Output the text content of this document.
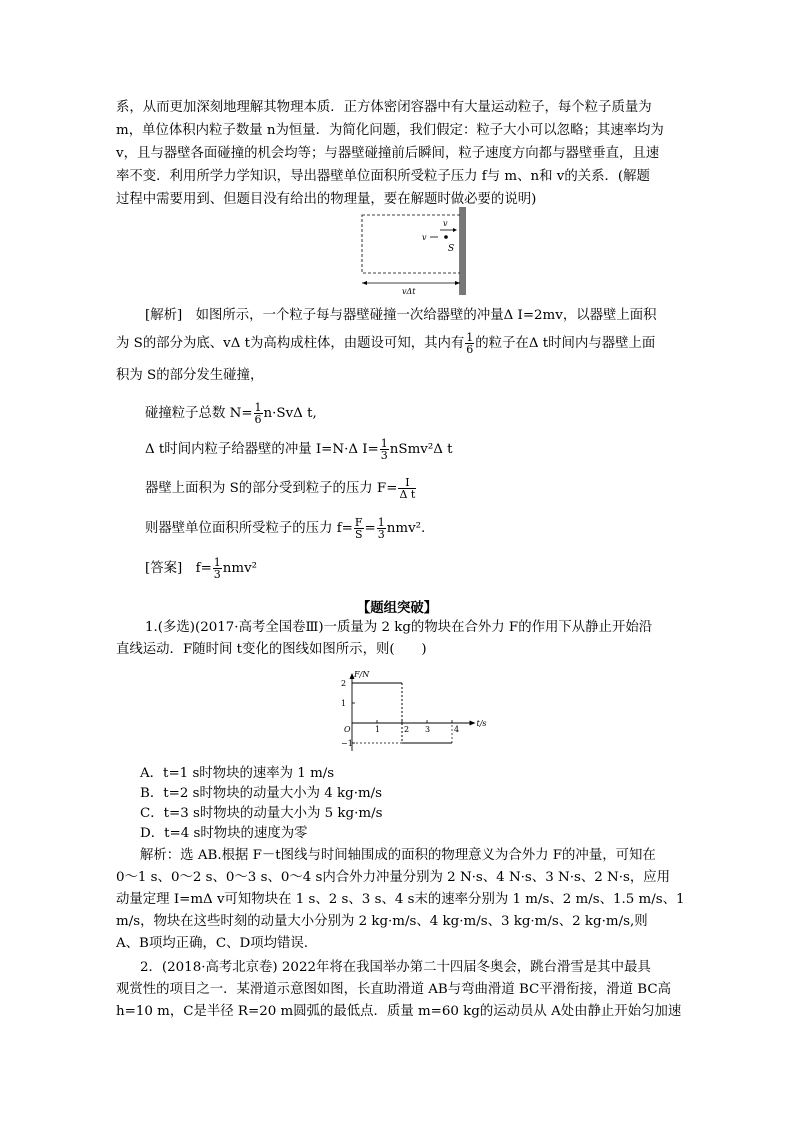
系，从而更加深刻地理解其物理本质．正方体密闭容器中有大量运动粒子，每个粒子质量为
m，单位体积内粒子数量 n为恒量．为简化问题，我们假定：粒子大小可以忽略；其速率均为
v，且与器壁各面碰撞的机会均等；与器壁碰撞前后瞬间，粒子速度方向都与器壁垂直，且速
率不变．利用所学力学知识，导出器壁单位面积所受粒子压力 f与 m、n和 v的关系．(解题
过程中需要用到、但题目没有给出的物理量，要在解题时做必要的说明)
v
v
S
vΔt
[解析]　如图所示，一个粒子每与器壁碰撞一次给器壁的冲量Δ I=2mv，以器壁上面积
为 S的部分为底、vΔ t为高构成柱体，由题设可知，其内有 $\frac{1}{6}$ 的粒子在Δ t时间内与器壁上面
积为 S的部分发生碰撞，
碰撞粒子总数 $N= \frac{1}{6} n\cdot Sv\Delta$ t,
Δ t时间内粒子给器壁的冲量 I=N·Δ $I= \frac{1}{3}$ nSmv²Δ t
器壁上面积为 S的部分受到粒子的压力 $F= \frac{I}{\text{Δ t}}$
则器壁单位面积所受粒子的压力 $f= \frac{F}{S} = \frac{1}{3} nmv^2$.
[答案]　$f= \frac{1}{3} nmv^2$
【题组突破】
1.(多选)(2017·高考全国卷Ⅲ)一质量为 2 kg的物块在合外力 F的作用下从静止开始沿
直线运动．F随时间 t变化的图线如图所示，则(　　)
F/N
t/s
O
2
1
−1
1	2 3	4
A．t=1 s时物块的速率为 1 m/s
B．t=2 s时物块的动量大小为 4 kg·m/s
C．t=3 s时物块的动量大小为 5 kg·m/s
D．t=4 s时物块的速度为零
解析：选 AB.根据 F－t图线与时间轴围成的面积的物理意义为合外力 F的冲量，可知在
0～1 s、0～2 s、0～3 s、0～4 s内合外力冲量分别为 2 N·s、4 N·s、3 N·s、2 N·s，应用
动量定理 I=mΔ v可知物块在 1 s、2 s、3 s、4 s末的速率分别为 1 m/s、2 m/s、1.5 m/s、1
m/s，物块在这些时刻的动量大小分别为 2 kg·m/s、4 kg·m/s、3 kg·m/s、2 kg·m/s,则
A、B项均正确，C、D项均错误.
2．(2018·高考北京卷) 2022年将在我国举办第二十四届冬奥会，跳台滑雪是其中最具
观赏性的项目之一．某滑道示意图如图，长直助滑道 AB与弯曲滑道 BC平滑衔接，滑道 BC高
h=10 m，C是半径 R=20 m圆弧的最低点．质量 m=60 kg的运动员从 A处由静止开始匀加速
